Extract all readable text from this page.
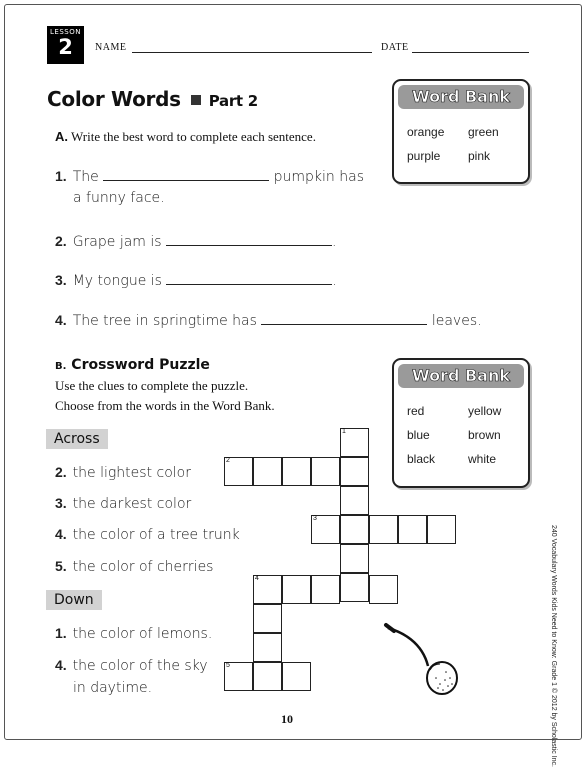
LESSON
2	NAME	DATE
Color Words Part 2
A. Write the best word to complete each sentence.
1. The	pumpkin has
a funny face.
2. Grape jam is	.
3. My tongue is	.
4. The tree in springtime has	leaves.
Word Bank
orange green
purple pink
B. Crossword Puzzle
Use the clues to complete the puzzle.
Choose from the words in the Word Bank.
Across
2. the lightest color
3. the darkest color
4. the color of a tree trunk
5. the color of cherries
Down
1. the color of lemons.
4. the color of the sky
in daytime.
Word Bank
red	yellow
blue	brown
black	white
1
2
3
4
5
10	240 Vocabulary Words Kids Need to Know: Grade 1 © 2012 by Scholastic Inc.
